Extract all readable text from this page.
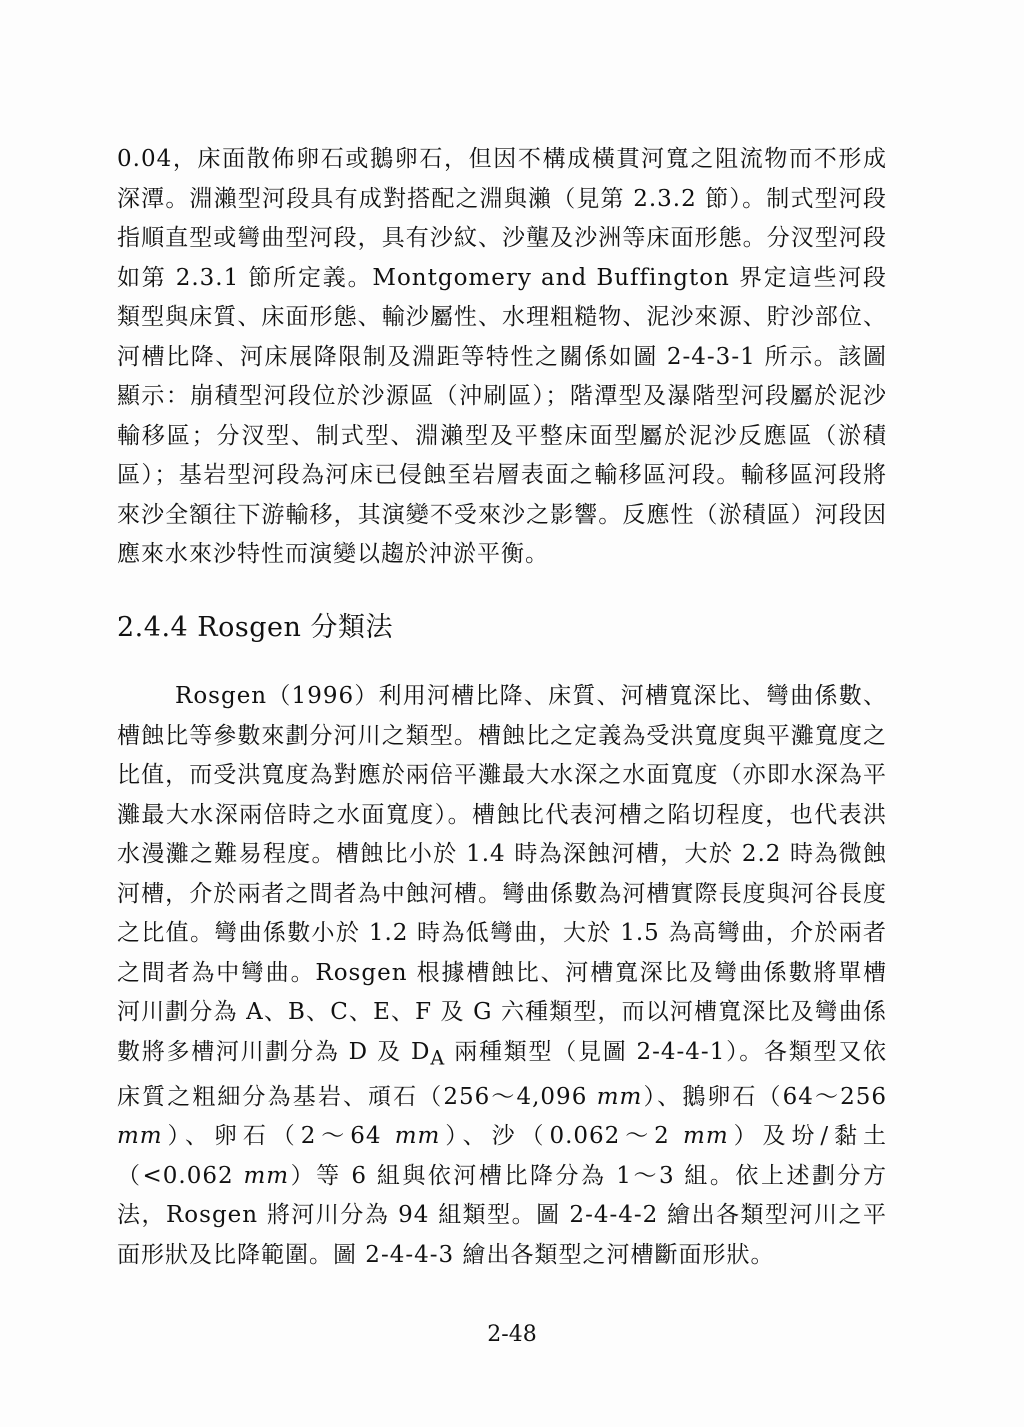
0.04，床面散佈卵石或鵝卵石，但因不構成橫貫河寬之阻流物而不形成深潭。淵瀨型河段具有成對搭配之淵與瀨（見第 2.3.2 節）。制式型河段指順直型或彎曲型河段，具有沙紋、沙壟及沙洲等床面形態。分汊型河段如第 2.3.1 節所定義。Montgomery and Buffington 界定這些河段類型與床質、床面形態、輸沙屬性、水理粗糙物、泥沙來源、貯沙部位、河槽比降、河床展降限制及淵距等特性之關係如圖 2-4-3-1 所示。該圖顯示：崩積型河段位於沙源區（沖刷區）；階潭型及瀑階型河段屬於泥沙輸移區；分汊型、制式型、淵瀨型及平整床面型屬於泥沙反應區（淤積區）；基岩型河段為河床已侵蝕至岩層表面之輸移區河段。輸移區河段將來沙全額往下游輸移，其演變不受來沙之影響。反應性（淤積區）河段因應來水來沙特性而演變以趨於沖淤平衡。

2.4.4 Rosgen 分類法

Rosgen（1996）利用河槽比降、床質、河槽寬深比、彎曲係數、槽蝕比等參數來劃分河川之類型。槽蝕比之定義為受洪寬度與平灘寬度之比值，而受洪寬度為對應於兩倍平灘最大水深之水面寬度（亦即水深為平灘最大水深兩倍時之水面寬度）。槽蝕比代表河槽之陷切程度，也代表洪水漫灘之難易程度。槽蝕比小於 1.4 時為深蝕河槽，大於 2.2 時為微蝕河槽，介於兩者之間者為中蝕河槽。彎曲係數為河槽實際長度與河谷長度之比值。彎曲係數小於 1.2 時為低彎曲，大於 1.5 為高彎曲，介於兩者之間者為中彎曲。Rosgen 根據槽蝕比、河槽寬深比及彎曲係數將單槽河川劃分為 A、B、C、E、F 及 G 六種類型，而以河槽寬深比及彎曲係數將多槽河川劃分為 D 及 $D_A$ 兩種類型（見圖 2-4-4-1）。各類型又依床質之粗細分為基岩、頑石（256～4,096 mm）、鵝卵石（64～256 mm）、卵石（2～64 mm）、沙（0.062～2 mm）及坋/黏土（<0.062 mm）等 6 組與依河槽比降分為 1～3 組。依上述劃分方法，Rosgen 將河川分為 94 組類型。圖 2-4-4-2 繪出各類型河川之平面形狀及比降範圍。圖 2-4-4-3 繪出各類型之河槽斷面形狀。

2-48
